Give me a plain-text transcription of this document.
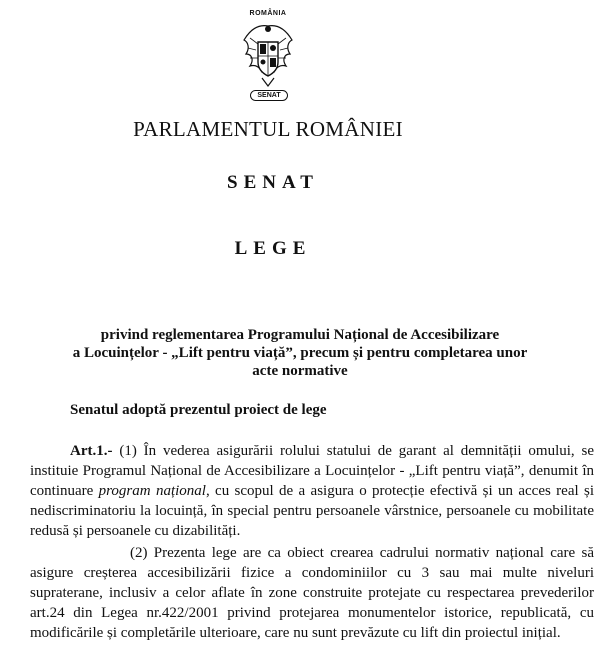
ROMÂNIA
SENAT
PARLAMENTUL ROMÂNIEI
SENAT
LEGE
privind reglementarea Programului Național de Accesibilizare
a Locuințelor - „Lift pentru viață”, precum și pentru completarea unor
acte normative
Senatul adoptă prezentul proiect de lege

Art.1.- (1) În vederea asigurării rolului statului de garant al demnității omului, se instituie Programul Național de Accesibilizare a Locuințelor - „Lift pentru viață”, denumit în continuare program național, cu scopul de a asigura o protecție efectivă și un acces real și nediscriminatoriu la locuință, în special pentru persoanele vârstnice, persoanele cu mobilitate redusă și persoanele cu dizabilități.

(2) Prezenta lege are ca obiect crearea cadrului normativ național care să asigure creșterea accesibilizării fizice a condominiilor cu 3 sau mai multe niveluri supraterane, inclusiv a celor aflate în zone construite protejate cu respectarea prevederilor art.24 din Legea nr.422/2001 privind protejarea monumentelor istorice, republicată, cu modificările și completările ulterioare, care nu sunt prevăzute cu lift din proiectul inițial.
